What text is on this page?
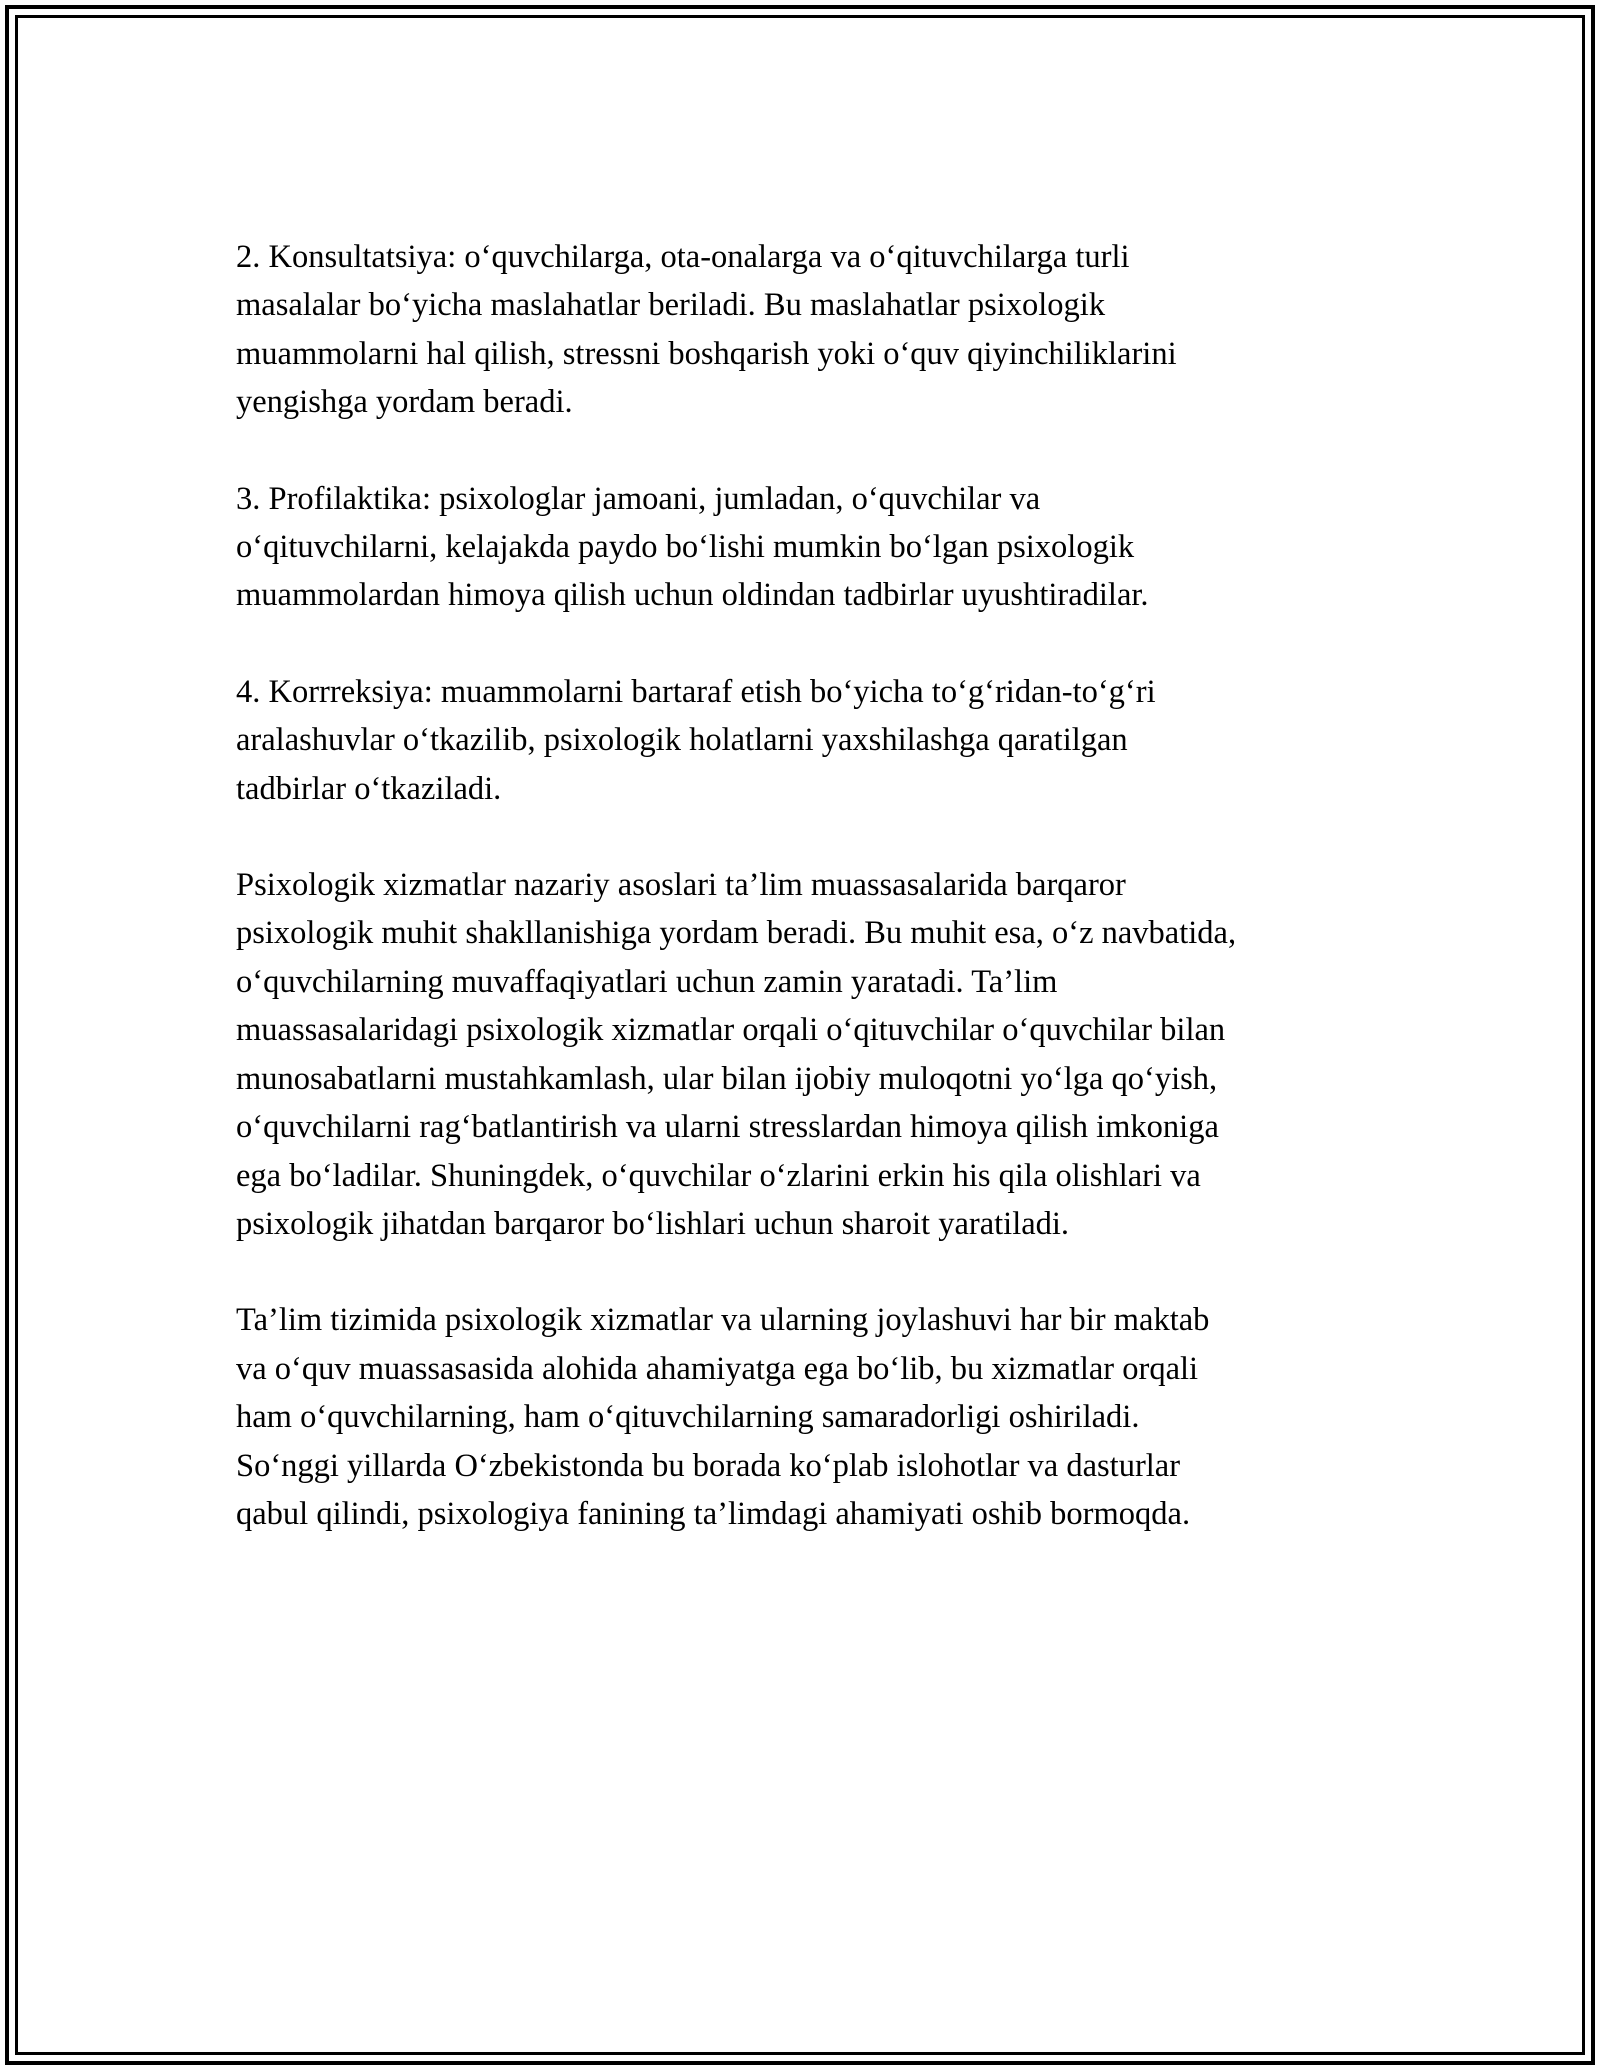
2. Konsultatsiya: o‘quvchilarga, ota-onalarga va o‘qituvchilarga turli
masalalar bo‘yicha maslahatlar beriladi. Bu maslahatlar psixologik
muammolarni hal qilish, stressni boshqarish yoki o‘quv qiyinchiliklarini
yengishga yordam beradi.

3. Profilaktika: psixologlar jamoani, jumladan, o‘quvchilar va
o‘qituvchilarni, kelajakda paydo bo‘lishi mumkin bo‘lgan psixologik
muammolardan himoya qilish uchun oldindan tadbirlar uyushtiradilar.

4. Korrreksiya: muammolarni bartaraf etish bo‘yicha to‘g‘ridan-to‘g‘ri
aralashuvlar o‘tkazilib, psixologik holatlarni yaxshilashga qaratilgan
tadbirlar o‘tkaziladi.

Psixologik xizmatlar nazariy asoslari ta’lim muassasalarida barqaror
psixologik muhit shakllanishiga yordam beradi. Bu muhit esa, o‘z navbatida,
o‘quvchilarning muvaffaqiyatlari uchun zamin yaratadi. Ta’lim
muassasalaridagi psixologik xizmatlar orqali o‘qituvchilar o‘quvchilar bilan
munosabatlarni mustahkamlash, ular bilan ijobiy muloqotni yo‘lga qo‘yish,
o‘quvchilarni rag‘batlantirish va ularni stresslardan himoya qilish imkoniga
ega bo‘ladilar. Shuningdek, o‘quvchilar o‘zlarini erkin his qila olishlari va
psixologik jihatdan barqaror bo‘lishlari uchun sharoit yaratiladi.

Ta’lim tizimida psixologik xizmatlar va ularning joylashuvi har bir maktab
va o‘quv muassasasida alohida ahamiyatga ega bo‘lib, bu xizmatlar orqali
ham o‘quvchilarning, ham o‘qituvchilarning samaradorligi oshiriladi.
So‘nggi yillarda O‘zbekistonda bu borada ko‘plab islohotlar va dasturlar
qabul qilindi, psixologiya fanining ta’limdagi ahamiyati oshib bormoqda.
